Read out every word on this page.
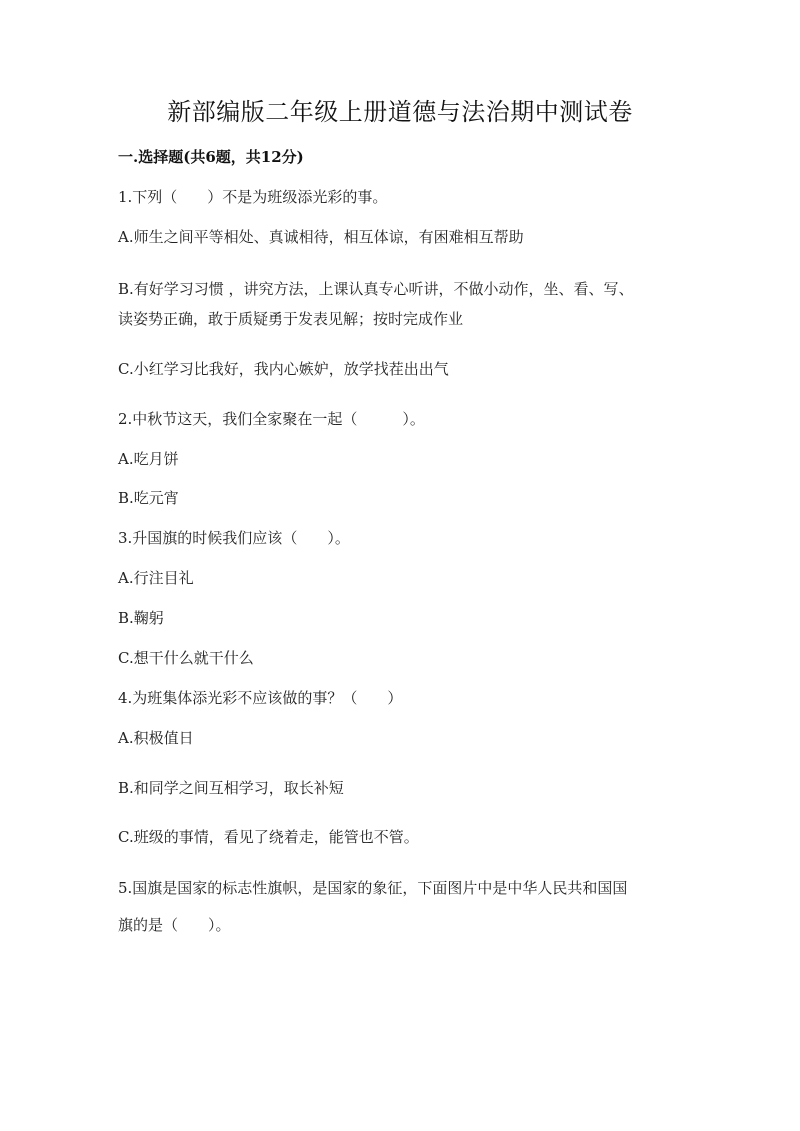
新部编版二年级上册道德与法治期中测试卷
一.选择题(共6题，共12分)
1.下列（　　）不是为班级添光彩的事。
A.师生之间平等相处、真诚相待，相互体谅，有困难相互帮助
B.有好学习习惯 ，讲究方法，上课认真专心听讲，不做小动作，坐、看、写、
读姿势正确，敢于质疑勇于发表见解；按时完成作业
C.小红学习比我好，我内心嫉妒，放学找茬出出气
2.中秋节这天，我们全家聚在一起（　　　）。
A.吃月饼
B.吃元宵
3.升国旗的时候我们应该（　　）。
A.行注目礼
B.鞠躬
C.想干什么就干什么
4.为班集体添光彩不应该做的事？（　　）
A.积极值日
B.和同学之间互相学习，取长补短
C.班级的事情，看见了绕着走，能管也不管。
5.国旗是国家的标志性旗帜，是国家的象征，下面图片中是中华人民共和国国
旗的是（　　）。
